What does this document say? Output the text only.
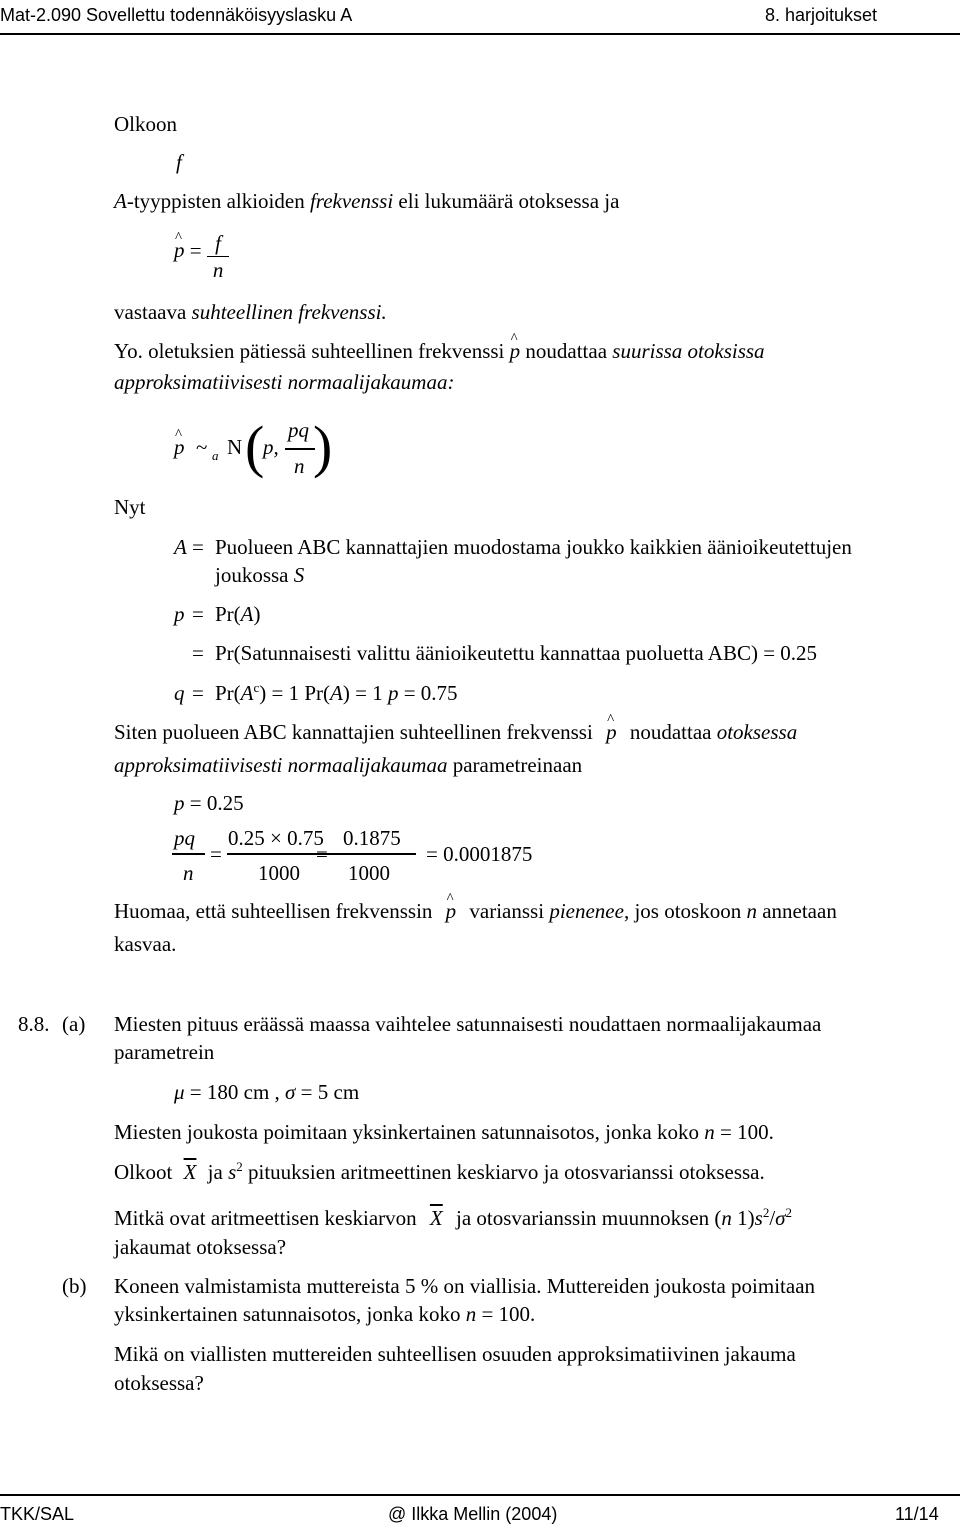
Mat-2.090 Sovellettu todennäköisyyslasku A	8. harjoitukset
Olkoon
f
A-tyyppisten alkioiden frekvenssi eli lukumäärä otoksessa ja
^ $p = \frac{f}{n}$
vastaava suhteellinen frekvenssi.
Yo. oletuksien pätiessä suhteellinen frekvenssi ^ p noudattaa suurissa otoksissa
approksimatiivisesti normaalijakaumaa:
^ p ~ a N (
p,
pq
n )
Nyt
A = Puolueen ABC kannattajien muodostama joukko kaikkien äänioikeutettujen
joukossa S
p = Pr(A)
= Pr(Satunnaisesti valittu äänioikeutettu kannattaa puoluetta ABC) = 0.25
$q = Pr(A^c) = 1$ Pr(A) = 1 p = 0.75
Siten puolueen ABC kannattajien suhteellinen frekvenssi ^ p noudattaa otoksessa
approksimatiivisesti normaalijakaumaa parametreinaan
p = 0.25
pq
n
=
0.25 × 0.75
1000
=
0.1875
1000
= 0.0001875
Huomaa, että suhteellisen frekvenssin ^ p varianssi pienenee, jos otoskoon n annetaan
kasvaa.
8.8. (a) Miesten pituus eräässä maassa vaihtelee satunnaisesti noudattaen normaalijakaumaa
parametrein
μ = 180 cm , σ = 5 cm
Miesten joukosta poimitaan yksinkertainen satunnaisotos, jonka koko n = 100.
Olkoot $\overline{X}$ ja $s^2$ pituuksien aritmeettinen keskiarvo ja otosvarianssi otoksessa.
Mitkä ovat aritmeettisen keskiarvon $\overline{X}$ ja otosvarianssin muunnoksen (n $1)s^2/\sigma^2$
jakaumat otoksessa?
(b) Koneen valmistamista muttereista 5 % on viallisia. Muttereiden joukosta poimitaan
yksinkertainen satunnaisotos, jonka koko n = 100.
Mikä on viallisten muttereiden suhteellisen osuuden approksimatiivinen jakauma
otoksessa?
TKK/SAL	@ Ilkka Mellin (2004)	11/14
